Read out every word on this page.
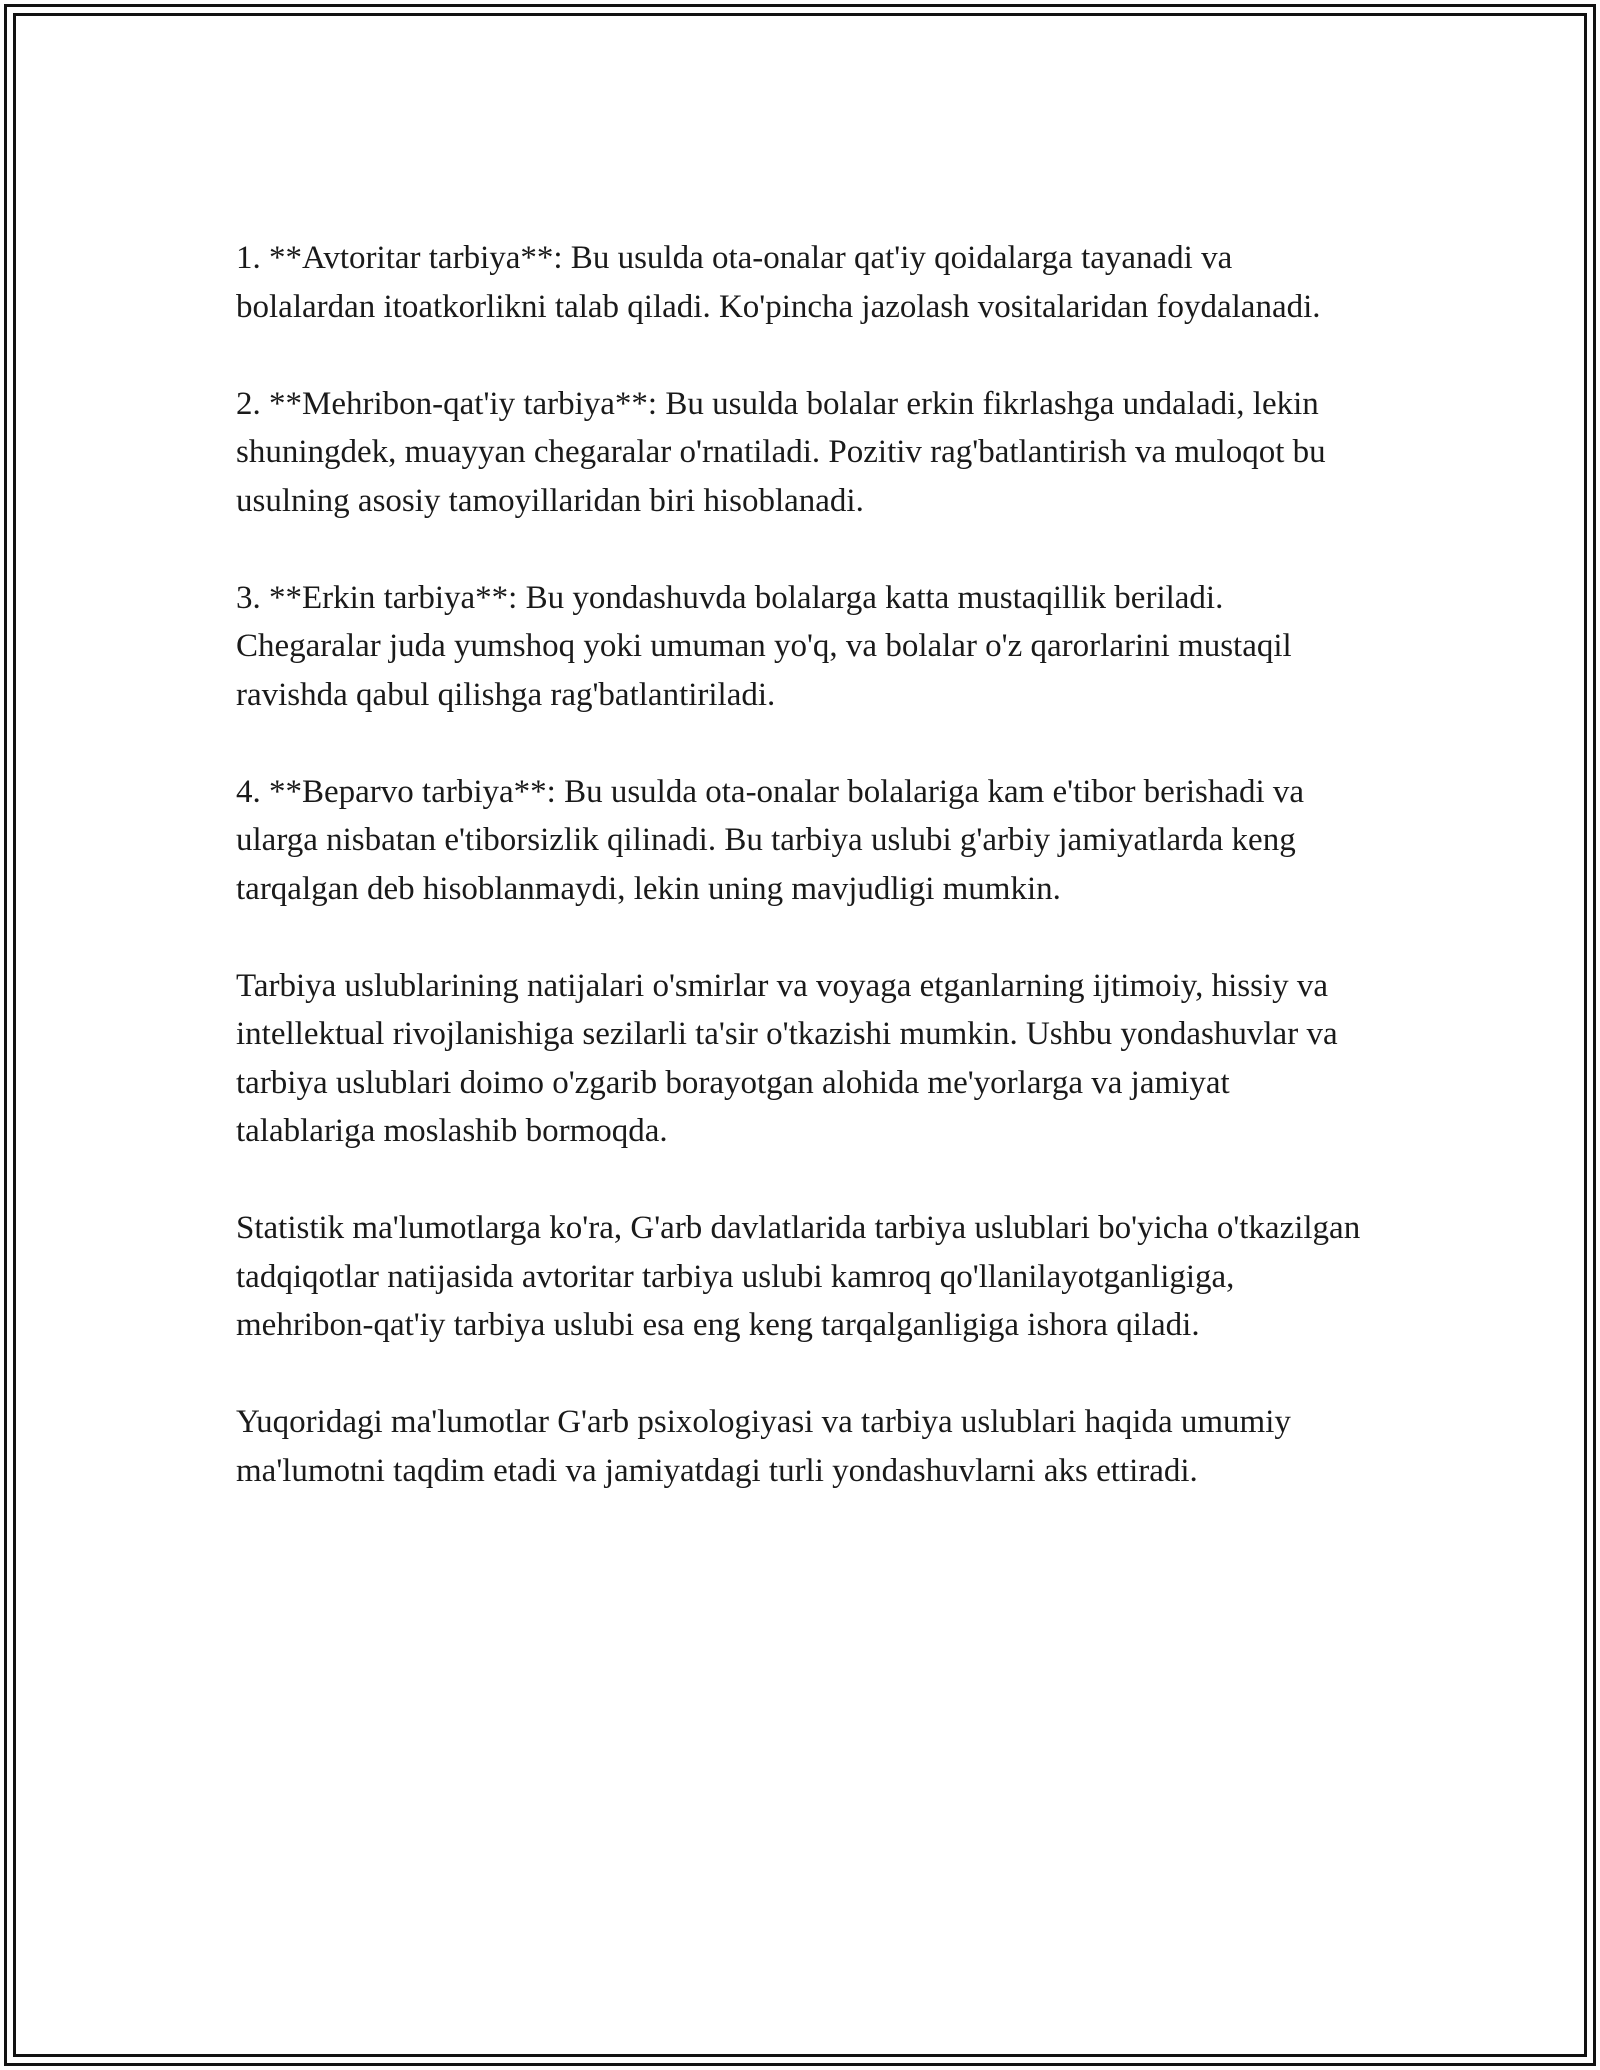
1. **Avtoritar tarbiya**: Bu usulda ota-onalar qat'iy qoidalarga tayanadi va bolalardan itoatkorlikni talab qiladi. Ko'pincha jazolash vositalaridan foydalanadi.

2. **Mehribon-qat'iy tarbiya**: Bu usulda bolalar erkin fikrlashga undaladi, lekin shuningdek, muayyan chegaralar o'rnatiladi. Pozitiv rag'batlantirish va muloqot bu usulning asosiy tamoyillaridan biri hisoblanadi.

3. **Erkin tarbiya**: Bu yondashuvda bolalarga katta mustaqillik beriladi. Chegaralar juda yumshoq yoki umuman yo'q, va bolalar o'z qarorlarini mustaqil ravishda qabul qilishga rag'batlantiriladi.

4. **Beparvo tarbiya**: Bu usulda ota-onalar bolalariga kam e'tibor berishadi va ularga nisbatan e'tiborsizlik qilinadi. Bu tarbiya uslubi g'arbiy jamiyatlarda keng tarqalgan deb hisoblanmaydi, lekin uning mavjudligi mumkin.

Tarbiya uslublarining natijalari o'smirlar va voyaga etganlarning ijtimoiy, hissiy va intellektual rivojlanishiga sezilarli ta'sir o'tkazishi mumkin. Ushbu yondashuvlar va tarbiya uslublari doimo o'zgarib borayotgan alohida me'yorlarga va jamiyat talablariga moslashib bormoqda.

Statistik ma'lumotlarga ko'ra, G'arb davlatlarida tarbiya uslublari bo'yicha o'tkazilgan tadqiqotlar natijasida avtoritar tarbiya uslubi kamroq qo'llanilayotganligiga, mehribon-qat'iy tarbiya uslubi esa eng keng tarqalganligiga ishora qiladi.

Yuqoridagi ma'lumotlar G'arb psixologiyasi va tarbiya uslublari haqida umumiy ma'lumotni taqdim etadi va jamiyatdagi turli yondashuvlarni aks ettiradi.
